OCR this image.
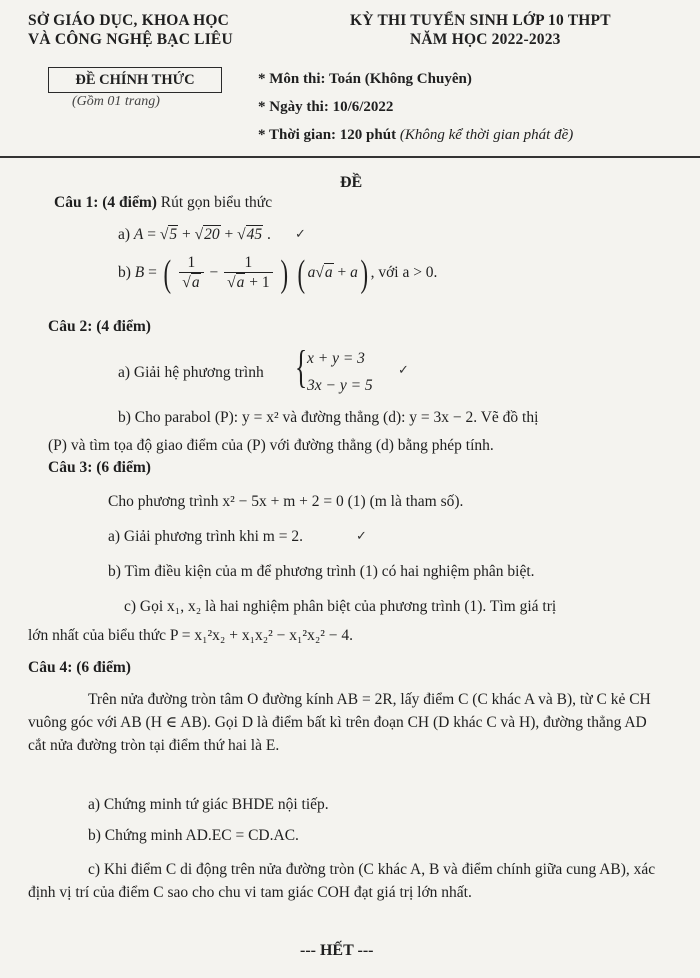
SỞ GIÁO DỤC, KHOA HỌC
VÀ CÔNG NGHỆ BẠC LIÊU
KỲ THI TUYỂN SINH LỚP 10 THPT
NĂM HỌC 2022-2023
ĐỀ CHÍNH THỨC
(Gồm 01 trang)
* Môn thi: Toán (Không Chuyên)
* Ngày thi: 10/6/2022
* Thời gian: 120 phút (Không kể thời gian phát đề)
ĐỀ
Câu 1: (4 điểm) Rút gọn biểu thức
a) A = √5 + √20 + √45 . ✓
b) B = ( $\frac{1}{√a} - \frac{1}{√a + 1}$ ) ( a√a + a) , với a > 0.
Câu 2: (4 điểm)
a) Giải hệ phương trình { x + y = 3
3x − y = 5
✓
b) Cho parabol (P): y = x² và đường thẳng (d): y = 3x − 2. Vẽ đồ thị
(P) và tìm tọa độ giao điểm của (P) với đường thẳng (d) bằng phép tính.
Câu 3: (6 điểm)
Cho phương trình x² − 5x + m + 2 = 0 (1) (m là tham số).
a) Giải phương trình khi m = 2.	✓
b) Tìm điều kiện của m để phương trình (1) có hai nghiệm phân biệt.
c) Gọi x₁, x₂ là hai nghiệm phân biệt của phương trình (1). Tìm giá trị
lớn nhất của biểu thức P = x₁²x₂ + x₁x₂² − x₁²x₂² − 4.
Câu 4: (6 điểm)
Trên nửa đường tròn tâm O đường kính AB = 2R, lấy điểm C (C khác A và B), từ C kẻ CH vuông góc với AB (H ∈ AB). Gọi D là điểm bất kì trên đoạn CH (D khác C và H), đường thẳng AD cắt nửa đường tròn tại điểm thứ hai là E.
a) Chứng minh tứ giác BHDE nội tiếp.
b) Chứng minh AD.EC = CD.AC.
c) Khi điểm C di động trên nửa đường tròn (C khác A, B và điểm chính giữa cung AB), xác định vị trí của điểm C sao cho chu vi tam giác COH đạt giá trị lớn nhất.
--- HẾT ---
